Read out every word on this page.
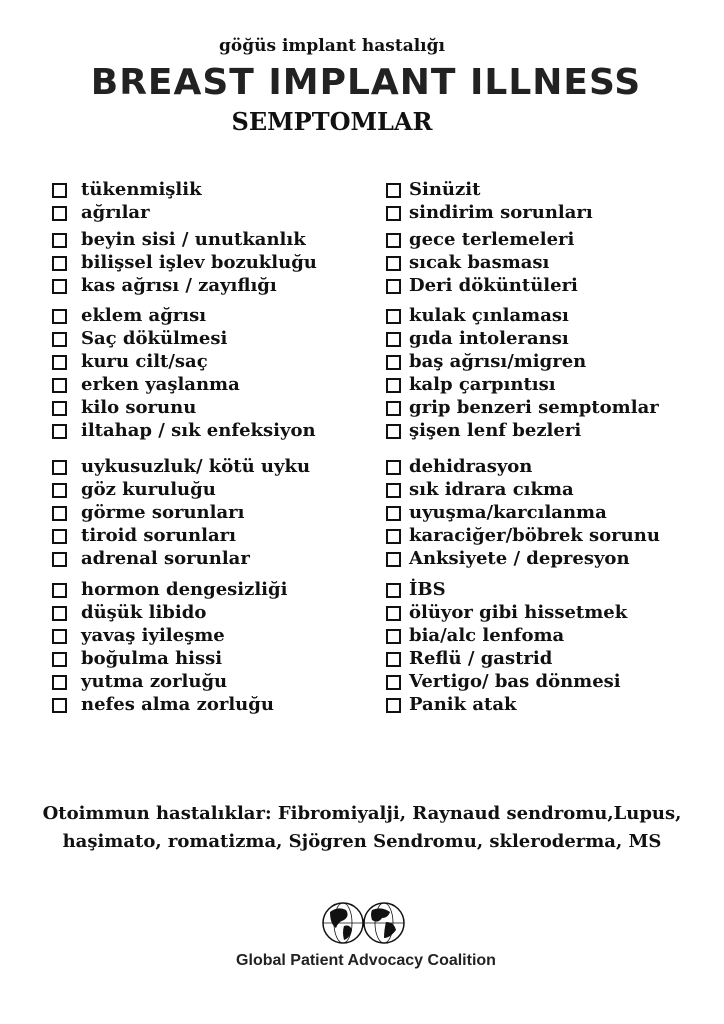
göğüs implant hastalığı
BREAST IMPLANT ILLNESS
SEMPTOMLAR
tükenmişlik
ağrılar
beyin sisi / unutkanlık
bilişsel işlev bozukluğu
kas ağrısı / zayıflığı
eklem ağrısı
Saç dökülmesi
kuru cilt/saç
erken yaşlanma
kilo sorunu
iltahap / sık enfeksiyon
uykusuzluk/ kötü uyku
göz kuruluğu
görme sorunları
tiroid sorunları
adrenal sorunlar
hormon dengesizliği
düşük libido
yavaş iyileşme
boğulma hissi
yutma zorluğu
nefes alma zorluğu
Sinüzit
sindirim sorunları
gece terlemeleri
sıcak basması
Deri döküntüleri
kulak çınlaması
gıda intoleransı
baş ağrısı/migren
kalp çarpıntısı
grip benzeri semptomlar
şişen lenf bezleri
dehidrasyon
sık idrara cıkma
uyuşma/karcılanma
karaciğer/böbrek sorunu
Anksiyete / depresyon
İBS
ölüyor gibi hissetmek
bia/alc lenfoma
Reflü / gastrid
Vertigo/ bas dönmesi
Panik atak
Otoimmun hastalıklar: Fibromiyalji, Raynaud sendromu,Lupus,
haşimato, romatizma, Sjögren Sendromu, skleroderma, MS
Global Patient Advocacy Coalition
